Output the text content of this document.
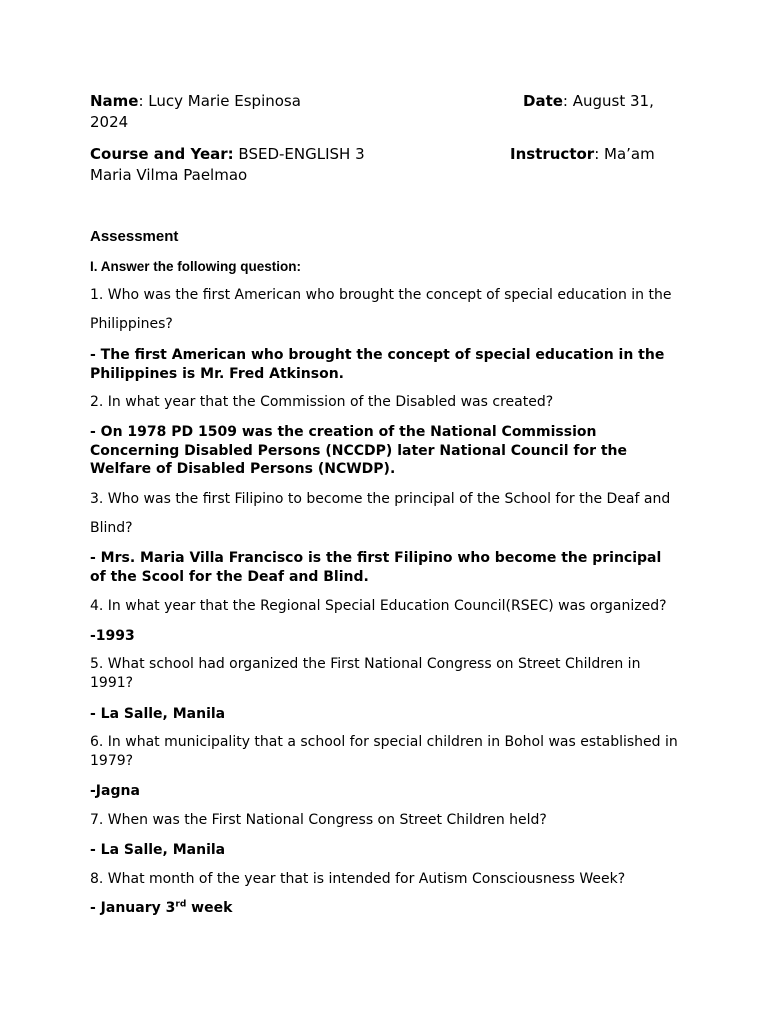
Name: Lucy Marie Espinosa	Date: August 31,
2024
Course and Year: BSED-ENGLISH 3	Instructor: Ma’am
Maria Vilma Paelmao
Assessment
I. Answer the following question:
1. Who was the first American who brought the concept of special education in the Philippines?
- The first American who brought the concept of special education in the Philippines is Mr. Fred Atkinson.
2. In what year that the Commission of the Disabled was created?
- On 1978 PD 1509 was the creation of the National Commission Concerning Disabled Persons (NCCDP) later National Council for the Welfare of Disabled Persons (NCWDP).
3. Who was the first Filipino to become the principal of the School for the Deaf and Blind?
- Mrs. Maria Villa Francisco is the first Filipino who become the principal of the Scool for the Deaf and Blind.
4. In what year that the Regional Special Education Council(RSEC) was organized?
-1993
5. What school had organized the First National Congress on Street Children in 1991?
- La Salle, Manila
6. In what municipality that a school for special children in Bohol was established in 1979?
-Jagna
7. When was the First National Congress on Street Children held?
- La Salle, Manila
8. What month of the year that is intended for Autism Consciousness Week?
- January 3rd week
